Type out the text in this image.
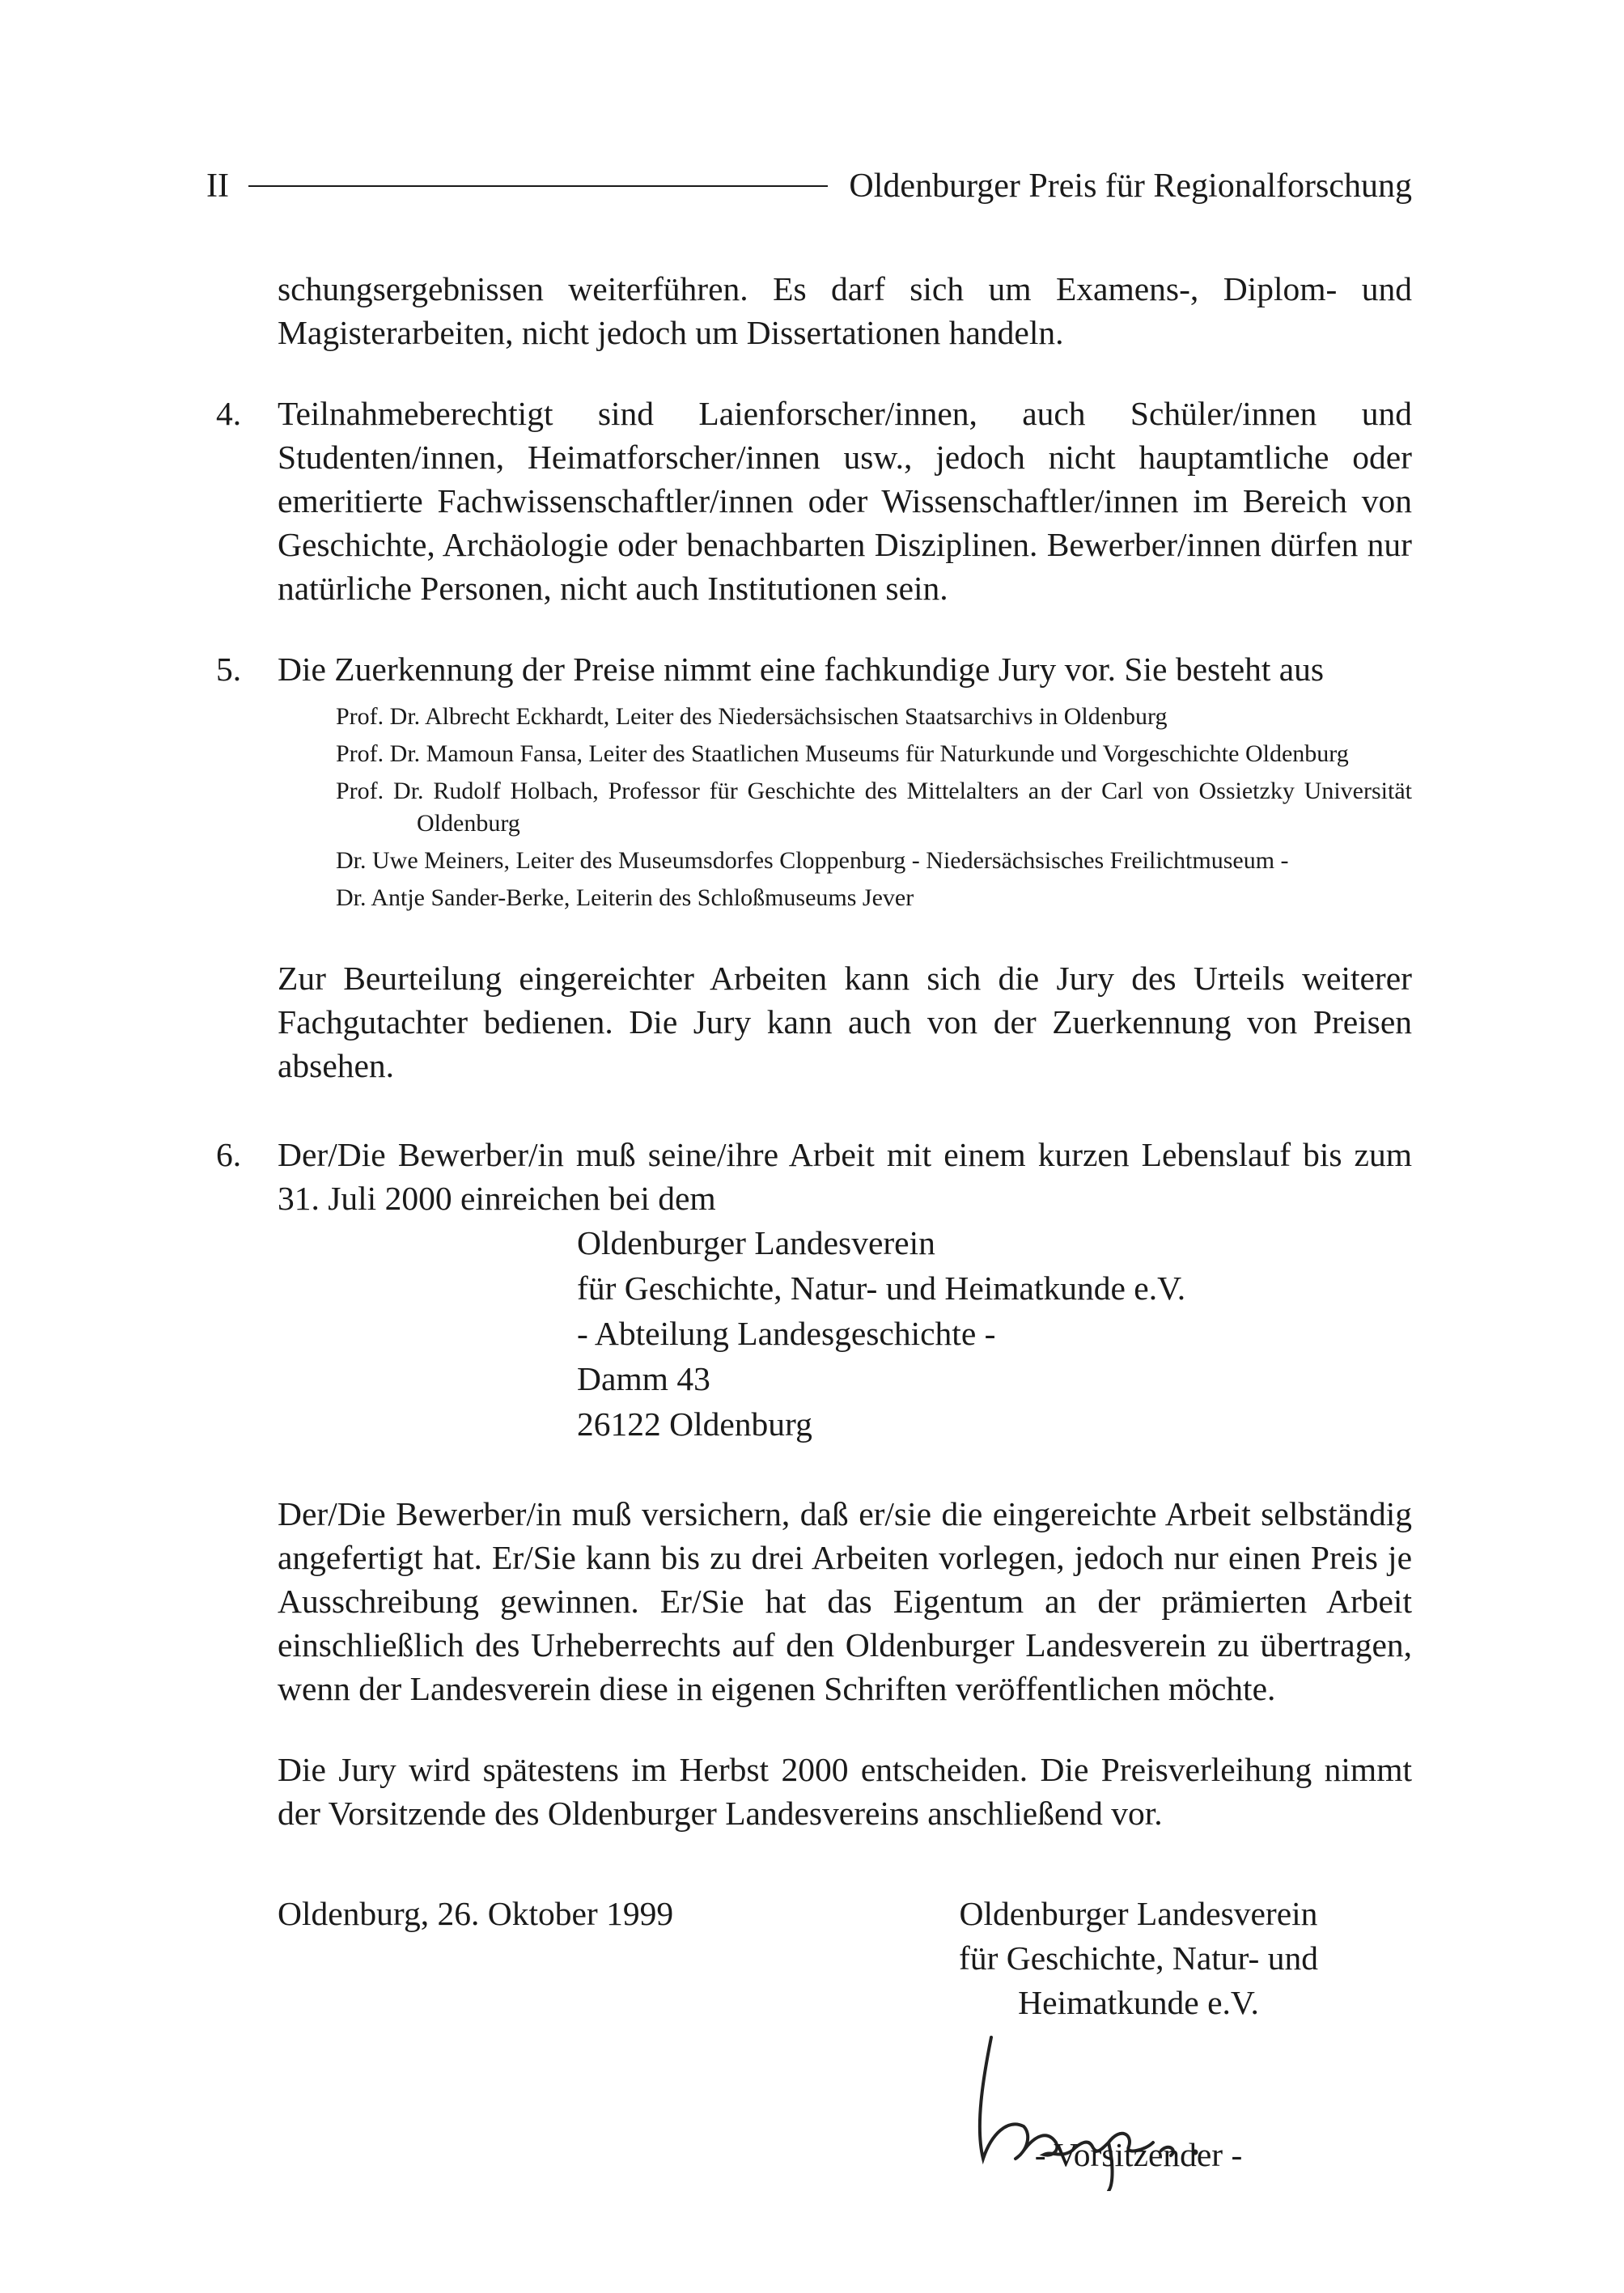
II	Oldenburger Preis für Regionalforschung

schungsergebnissen weiterführen. Es darf sich um Examens-, Diplom- und Magisterarbeiten, nicht jedoch um Dissertationen handeln.

4. Teilnahmeberechtigt sind Laienforscher/innen, auch Schüler/innen und Studenten/innen, Heimatforscher/innen usw., jedoch nicht hauptamtliche oder emeritierte Fachwissenschaftler/innen oder Wissenschaftler/innen im Bereich von Geschichte, Archäologie oder benachbarten Disziplinen. Bewerber/innen dürfen nur natürliche Personen, nicht auch Institutionen sein.

5. Die Zuerkennung der Preise nimmt eine fachkundige Jury vor. Sie besteht aus

Prof. Dr. Albrecht Eckhardt, Leiter des Niedersächsischen Staatsarchivs in Oldenburg

Prof. Dr. Mamoun Fansa, Leiter des Staatlichen Museums für Naturkunde und Vorgeschichte Oldenburg

Prof. Dr. Rudolf Holbach, Professor für Geschichte des Mittelalters an der Carl von Ossietzky Universität Oldenburg

Dr. Uwe Meiners, Leiter des Museumsdorfes Cloppenburg - Niedersächsisches Freilichtmuseum -

Dr. Antje Sander-Berke, Leiterin des Schloßmuseums Jever

Zur Beurteilung eingereichter Arbeiten kann sich die Jury des Urteils weiterer Fachgutachter bedienen. Die Jury kann auch von der Zuerkennung von Preisen absehen.

6. Der/Die Bewerber/in muß seine/ihre Arbeit mit einem kurzen Lebenslauf bis zum 31. Juli 2000 einreichen bei dem

Oldenburger Landesverein
für Geschichte, Natur- und Heimatkunde e.V.
- Abteilung Landesgeschichte -
Damm 43
26122 Oldenburg

Der/Die Bewerber/in muß versichern, daß er/sie die eingereichte Arbeit selbständig angefertigt hat. Er/Sie kann bis zu drei Arbeiten vorlegen, jedoch nur einen Preis je Ausschreibung gewinnen. Er/Sie hat das Eigentum an der prämierten Arbeit einschließlich des Urheberrechts auf den Oldenburger Landesverein zu übertragen, wenn der Landesverein diese in eigenen Schriften veröffentlichen möchte.

Die Jury wird spätestens im Herbst 2000 entscheiden. Die Preisverleihung nimmt der Vorsitzende des Oldenburger Landesvereins anschließend vor.

Oldenburg, 26. Oktober 1999	Oldenburger Landesverein
für Geschichte, Natur- und
Heimatkunde e.V.
- Vorsitzender -
